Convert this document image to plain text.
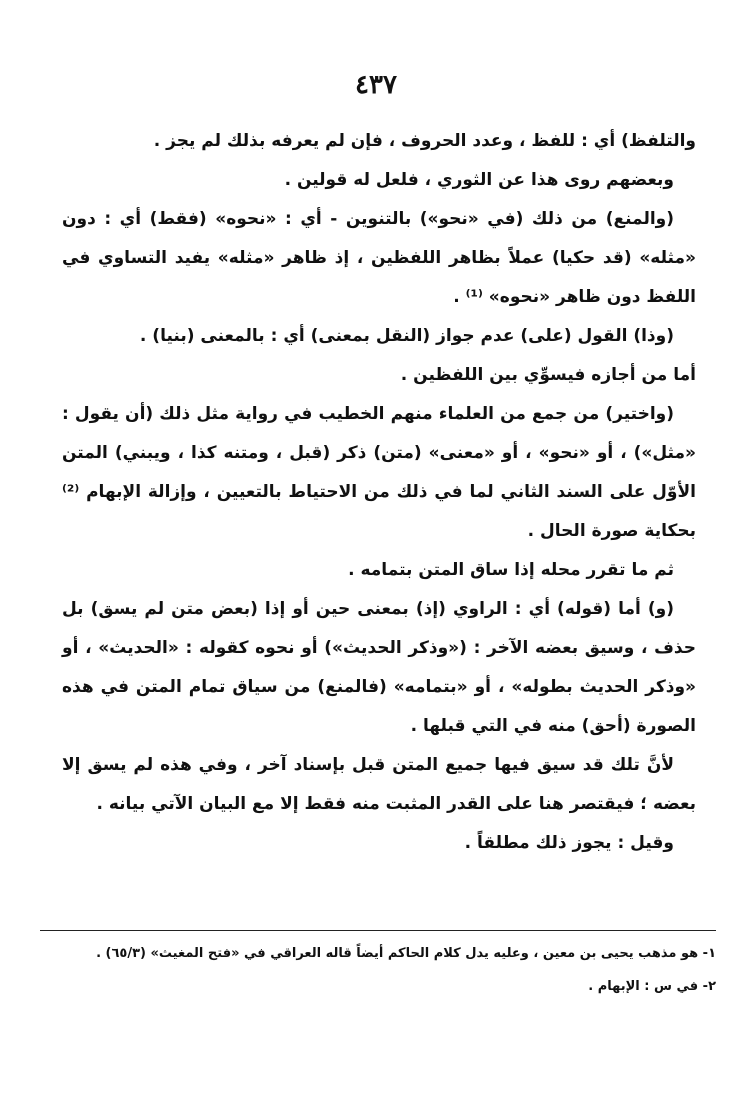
٤٣٧

والتلفظ) أي : للفظ ، وعدد الحروف ، فإن لم يعرفه بذلك لم يجز .

وبعضهم روى هذا عن الثوري ، فلعل له قولين .

(والمنع) من ذلك (في «نحو») بالتنوين - أي : «نحوه» (فقط) أي : دون «مثله» (قد حكيا) عملاً بظاهر اللفظين ، إذ ظاهر «مثله» يفيد التساوي في اللفظ دون ظاهر «نحوه» ⁽¹⁾ .

(وذا) القول (على) عدم جواز (النقل بمعنى) أي : بالمعنى (بنيا) .

أما من أجازه فيسوِّي بين اللفظين .

(واختير) من جمع من العلماء منهم الخطيب في رواية مثل ذلك (أن يقول : «مثل») ، أو «نحو» ، أو «معنى» (متن) ذكر (قبل ، ومتنه كذا ، ويبني) المتن الأوّل على السند الثاني لما في ذلك من الاحتياط بالتعيين ، وإزالة الإبهام ⁽²⁾ بحكاية صورة الحال .

ثم ما تقرر محله إذا ساق المتن بتمامه .

(و) أما (قوله) أي : الراوي (إذ) بمعنى حين أو إذا (بعض متن لم يسق) بل حذف ، وسيق بعضه الآخر : («وذكر الحديث») أو نحوه كقوله : «الحديث» ، أو «وذكر الحديث بطوله» ، أو «بتمامه» (فالمنع) من سياق تمام المتن في هذه الصورة (أحق) منه في التي قبلها .

لأنَّ تلك قد سيق فيها جميع المتن قبل بإسناد آخر ، وفي هذه لم يسق إلا بعضه ؛ فيقتصر هنا على القدر المثبت منه فقط إلا مع البيان الآتي بيانه .

وقيل : يجوز ذلك مطلقاً .

١- هو مذهب يحيى بن معين ، وعليه يدل كلام الحاكم أيضاً قاله العراقي في «فتح المغيث» (٦٥/٣) .

٢- في س : الإبهام .
